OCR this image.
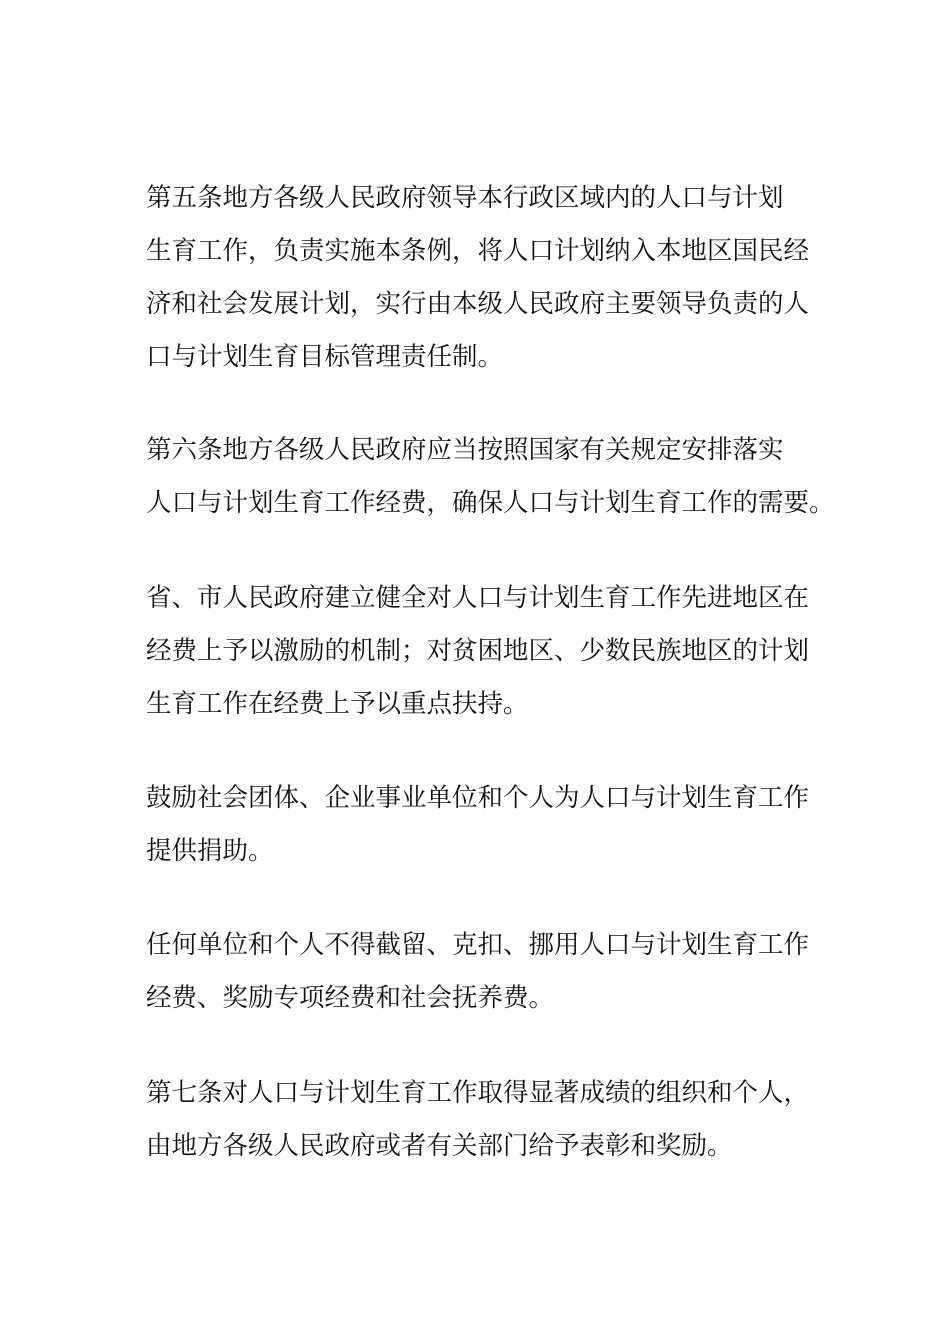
第五条地方各级人民政府领导本行政区域内的人口与计划
生育工作，负责实施本条例，将人口计划纳入本地区国民经
济和社会发展计划，实行由本级人民政府主要领导负责的人
口与计划生育目标管理责任制。

第六条地方各级人民政府应当按照国家有关规定安排落实
人口与计划生育工作经费，确保人口与计划生育工作的需要。

省、市人民政府建立健全对人口与计划生育工作先进地区在
经费上予以激励的机制；对贫困地区、少数民族地区的计划
生育工作在经费上予以重点扶持。

鼓励社会团体、企业事业单位和个人为人口与计划生育工作
提供捐助。

任何单位和个人不得截留、克扣、挪用人口与计划生育工作
经费、奖励专项经费和社会抚养费。

第七条对人口与计划生育工作取得显著成绩的组织和个人，
由地方各级人民政府或者有关部门给予表彰和奖励。
